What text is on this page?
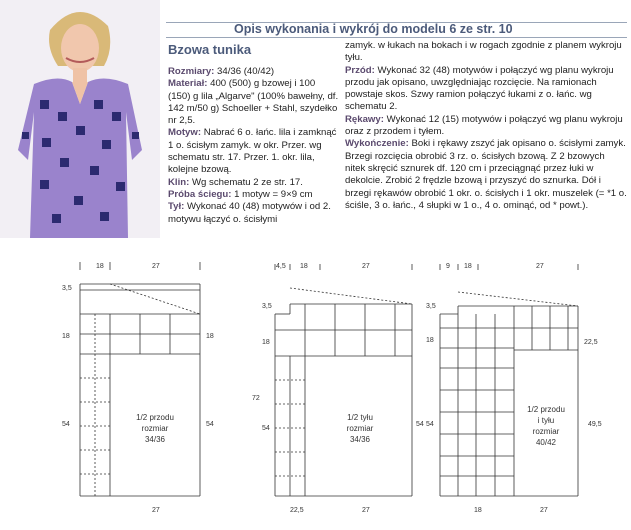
Opis wykonania i wykrój do modelu 6 ze str. 10
Bzowa tunika

Rozmiary: 34/36 (40/42)

Materiał: 400 (500) g bzowej i 100 (150) g lila „Algarve" (100% bawełny, df. 142 m/50 g) Schoeller + Stahl, szydełko nr 2,5.

Motyw: Nabrać 6 o. łańc. lila i zamknąć 1 o. ścisłym zamyk. w okr. Przer. wg schematu str. 17. Przer. 1. okr. lila, kolejne bzową.

Klin: Wg schematu 2 ze str. 17.

Próba ściegu: 1 motyw = 9×9 cm

Tył: Wykonać 40 (48) motywów i od 2. motywu łączyć o. ścisłymi

zamyk. w łukach na bokach i w rogach zgodnie z planem wykroju tyłu.

Przód: Wykonać 32 (48) motywów i połączyć wg planu wykroju przodu jak opisano, uwzględniając rozcięcie. Na ramionach powstaje skos. Szwy ramion połączyć łukami z o. łańc. wg schematu 2.

Rękawy: Wykonać 12 (15) motywów i połączyć wg planu wykroju oraz z przodem i tyłem.

Wykończenie: Boki i rękawy zszyć jak opisano o. ścisłymi zamyk. Brzegi rozcięcia obrobić 3 rz. o. ścisłych bzową. Z 2 bzowych nitek skręcić sznurek df. 120 cm i przeciągnąć przez łuki w dekolcie. Zrobić 2 frędzle bzową i przyszyć do sznurka. Dół i brzegi rękawów obrobić 1 okr. o. ścisłych i 1 okr. muszelek (= *1 o. ściśle, 3 o. łańc., 4 słupki w 1 o., 4 o. ominąć, od * powt.).

18	27
3,5
18
54	54
18
27
1/2 przodu
rozmiar
34/36
4,5 18	27
3,5
18
72
54
54
22,5	27
1/2 tyłu
rozmiar
34/36
9 18	27
3,5
18	22,5
54	49,5
18	27
1/2 przodu
i tyłu
rozmiar
40/42
